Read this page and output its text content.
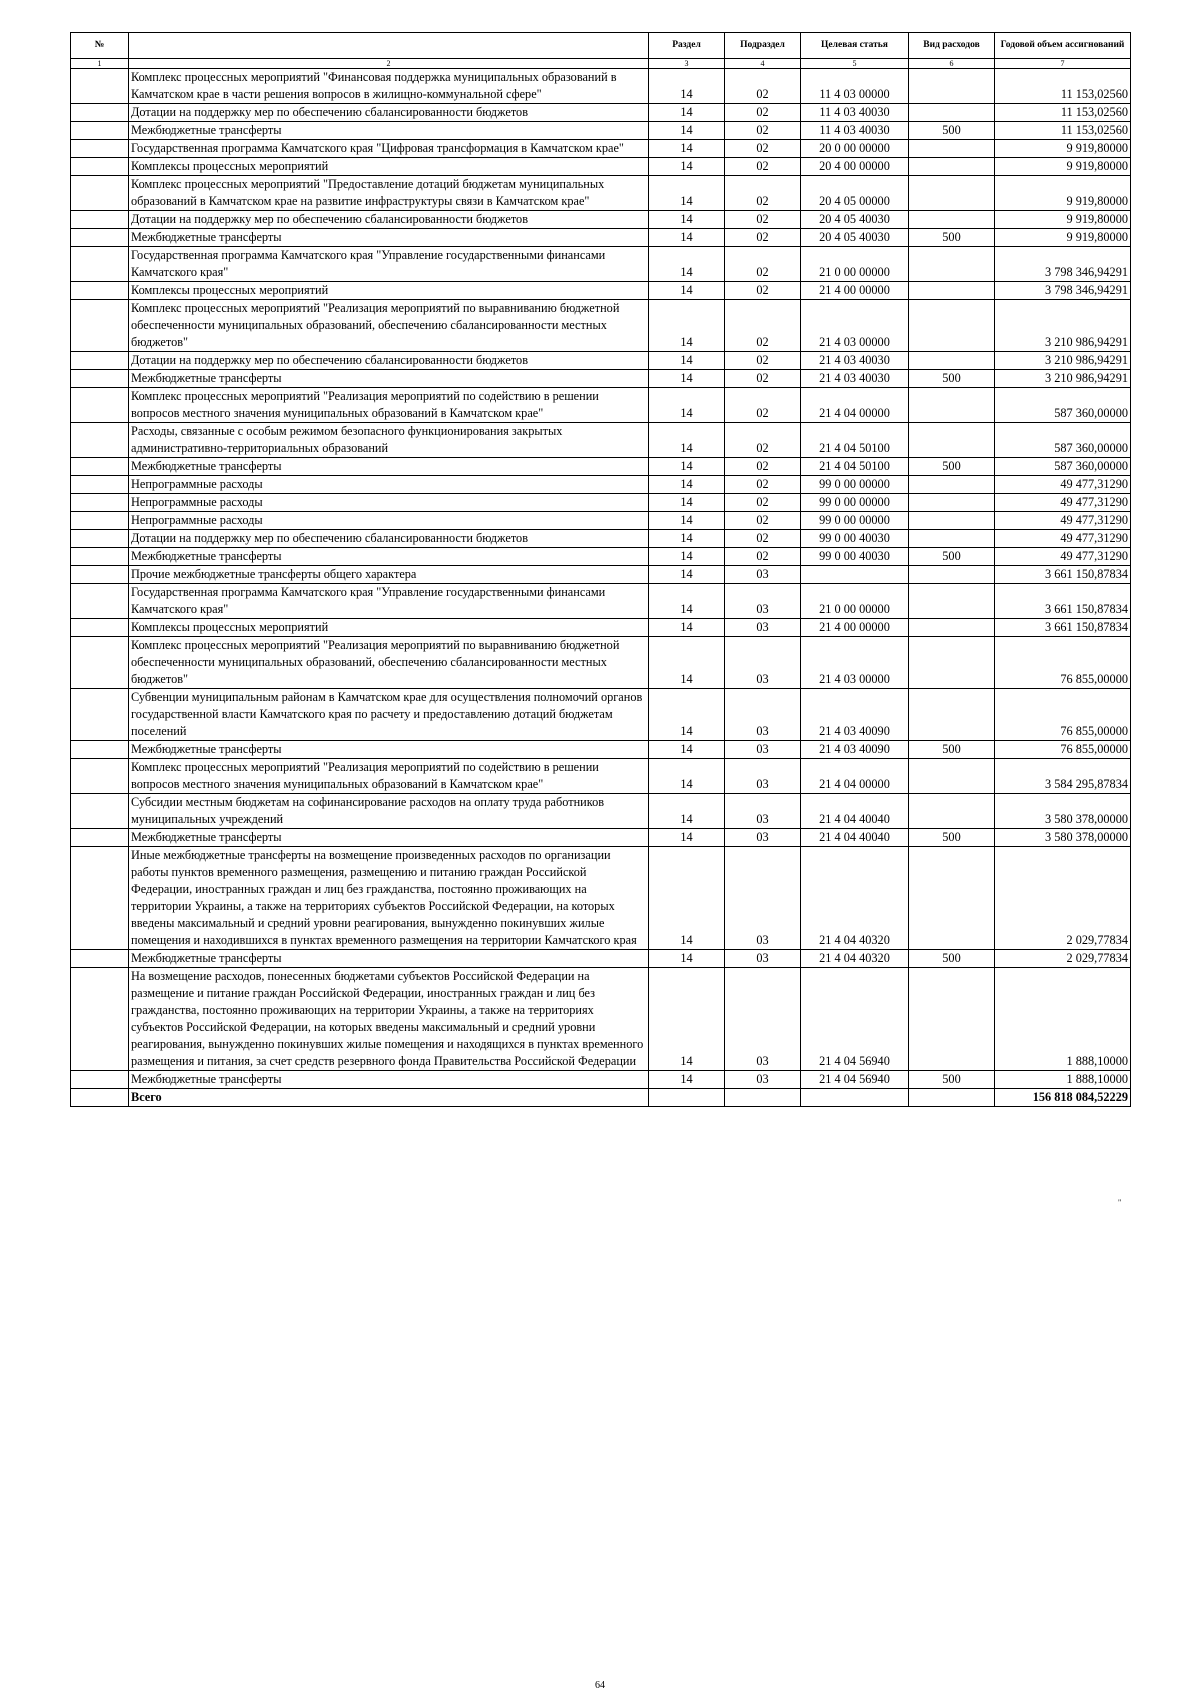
№		Раздел	Подраздел	Целевая статья	Вид расходов	Годовой объем ассигнований
1	2	3	4	5	6	7
	Комплекс процессных мероприятий "Финансовая поддержка муниципальных образований в Камчатском крае в части решения вопросов в жилищно-коммунальной сфере"	14	02	11 4 03 00000		11 153,02560
	Дотации на поддержку мер по обеспечению сбалансированности бюджетов	14	02	11 4 03 40030		11 153,02560
	Межбюджетные трансферты	14	02	11 4 03 40030	500	11 153,02560
	Государственная программа Камчатского края "Цифровая трансформация в Камчатском крае"	14	02	20 0 00 00000		9 919,80000
	Комплексы процессных мероприятий	14	02	20 4 00 00000		9 919,80000
	Комплекс процессных мероприятий "Предоставление дотаций бюджетам муниципальных образований в Камчатском крае на развитие инфраструктуры связи в Камчатском крае"	14	02	20 4 05 00000		9 919,80000
	Дотации на поддержку мер по обеспечению сбалансированности бюджетов	14	02	20 4 05 40030		9 919,80000
	Межбюджетные трансферты	14	02	20 4 05 40030	500	9 919,80000
	Государственная программа Камчатского края "Управление государственными финансами Камчатского края"	14	02	21 0 00 00000		3 798 346,94291
	Комплексы процессных мероприятий	14	02	21 4 00 00000		3 798 346,94291
	Комплекс процессных мероприятий "Реализация мероприятий по выравниванию бюджетной обеспеченности муниципальных образований, обеспечению сбалансированности местных бюджетов"	14	02	21 4 03 00000		3 210 986,94291
	Дотации на поддержку мер по обеспечению сбалансированности бюджетов	14	02	21 4 03 40030		3 210 986,94291
	Межбюджетные трансферты	14	02	21 4 03 40030	500	3 210 986,94291
	Комплекс процессных мероприятий "Реализация мероприятий по содействию в решении вопросов местного значения муниципальных образований в Камчатском крае"	14	02	21 4 04 00000		587 360,00000
	Расходы, связанные с особым режимом безопасного функционирования закрытых административно-территориальных образований	14	02	21 4 04 50100		587 360,00000
	Межбюджетные трансферты	14	02	21 4 04 50100	500	587 360,00000
	Непрограммные расходы	14	02	99 0 00 00000		49 477,31290
	Непрограммные расходы	14	02	99 0 00 00000		49 477,31290
	Непрограммные расходы	14	02	99 0 00 00000		49 477,31290
	Дотации на поддержку мер по обеспечению сбалансированности бюджетов	14	02	99 0 00 40030		49 477,31290
	Межбюджетные трансферты	14	02	99 0 00 40030	500	49 477,31290
	Прочие межбюджетные трансферты общего характера	14	03			3 661 150,87834
	Государственная программа Камчатского края "Управление государственными финансами Камчатского края"	14	03	21 0 00 00000		3 661 150,87834
	Комплексы процессных мероприятий	14	03	21 4 00 00000		3 661 150,87834
	Комплекс процессных мероприятий "Реализация мероприятий по выравниванию бюджетной обеспеченности муниципальных образований, обеспечению сбалансированности местных бюджетов"	14	03	21 4 03 00000		76 855,00000
	Субвенции муниципальным районам в Камчатском крае для осуществления полномочий органов государственной власти Камчатского края по расчету и предоставлению дотаций бюджетам поселений	14	03	21 4 03 40090		76 855,00000
	Межбюджетные трансферты	14	03	21 4 03 40090	500	76 855,00000
	Комплекс процессных мероприятий "Реализация мероприятий по содействию в решении вопросов местного значения муниципальных образований в Камчатском крае"	14	03	21 4 04 00000		3 584 295,87834
	Субсидии местным бюджетам на софинансирование расходов на оплату труда работников муниципальных учреждений	14	03	21 4 04 40040		3 580 378,00000
	Межбюджетные трансферты	14	03	21 4 04 40040	500	3 580 378,00000
	Иные межбюджетные трансферты на возмещение произведенных расходов по организации работы пунктов временного размещения, размещению и питанию граждан Российской Федерации, иностранных граждан и лиц без гражданства, постоянно проживающих на территории Украины, а также на территориях субъектов Российской Федерации, на которых введены максимальный и средний уровни реагирования, вынужденно покинувших жилые помещения и находившихся в пунктах временного размещения на территории Камчатского края	14	03	21 4 04 40320		2 029,77834
	Межбюджетные трансферты	14	03	21 4 04 40320	500	2 029,77834
	На возмещение расходов, понесенных бюджетами субъектов Российской Федерации на размещение и питание граждан Российской Федерации, иностранных граждан и лиц без гражданства, постоянно проживающих на территории Украины, а также на территориях субъектов Российской Федерации, на которых введены максимальный и средний уровни реагирования, вынужденно покинувших жилые помещения и находящихся в пунктах временного размещения и питания, за счет средств резервного фонда Правительства Российской Федерации	14	03	21 4 04 56940		1 888,10000
	Межбюджетные трансферты	14	03	21 4 04 56940	500	1 888,10000
	Всего					156 818 084,52229
"
64
